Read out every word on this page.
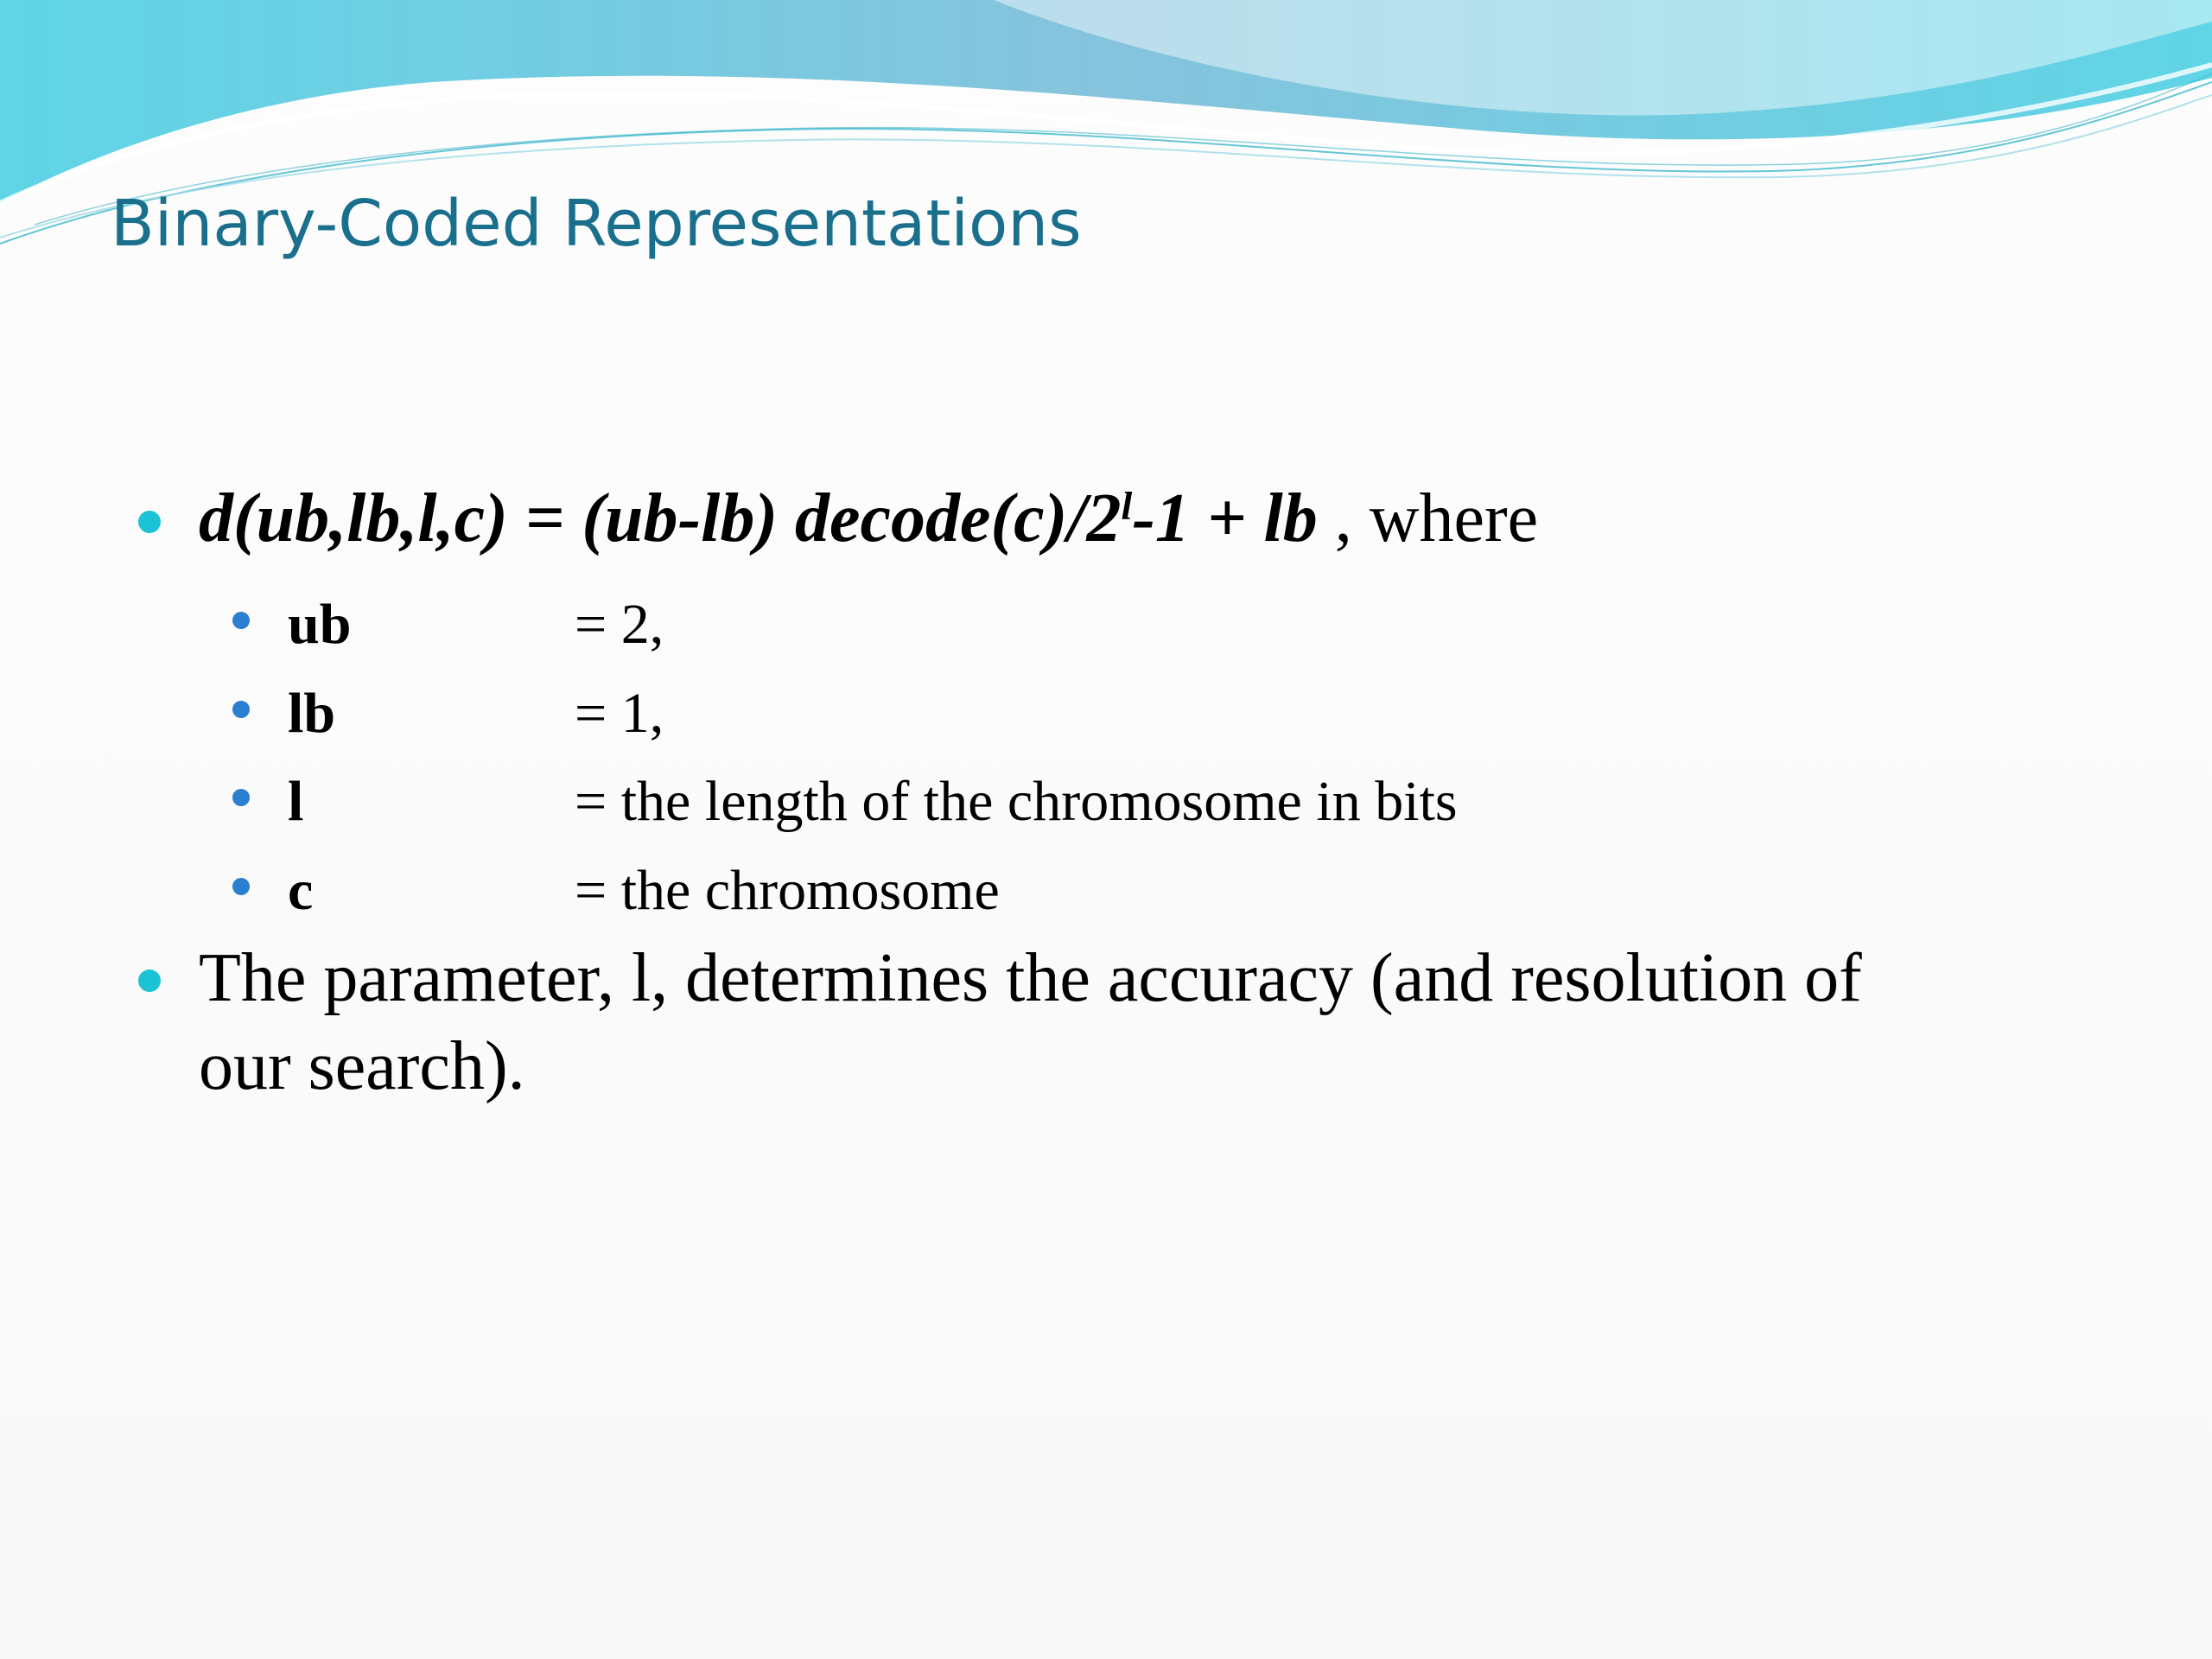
Binary-Coded Representations
d(ub,lb,l,c) = (ub-lb) $decode(c)/2^l-1$ + lb , where
ub	= 2,
lb	= 1,
l	= the length of the chromosome in bits
c	= the chromosome
The parameter, l, determines the accuracy (and resolution of
our search).
